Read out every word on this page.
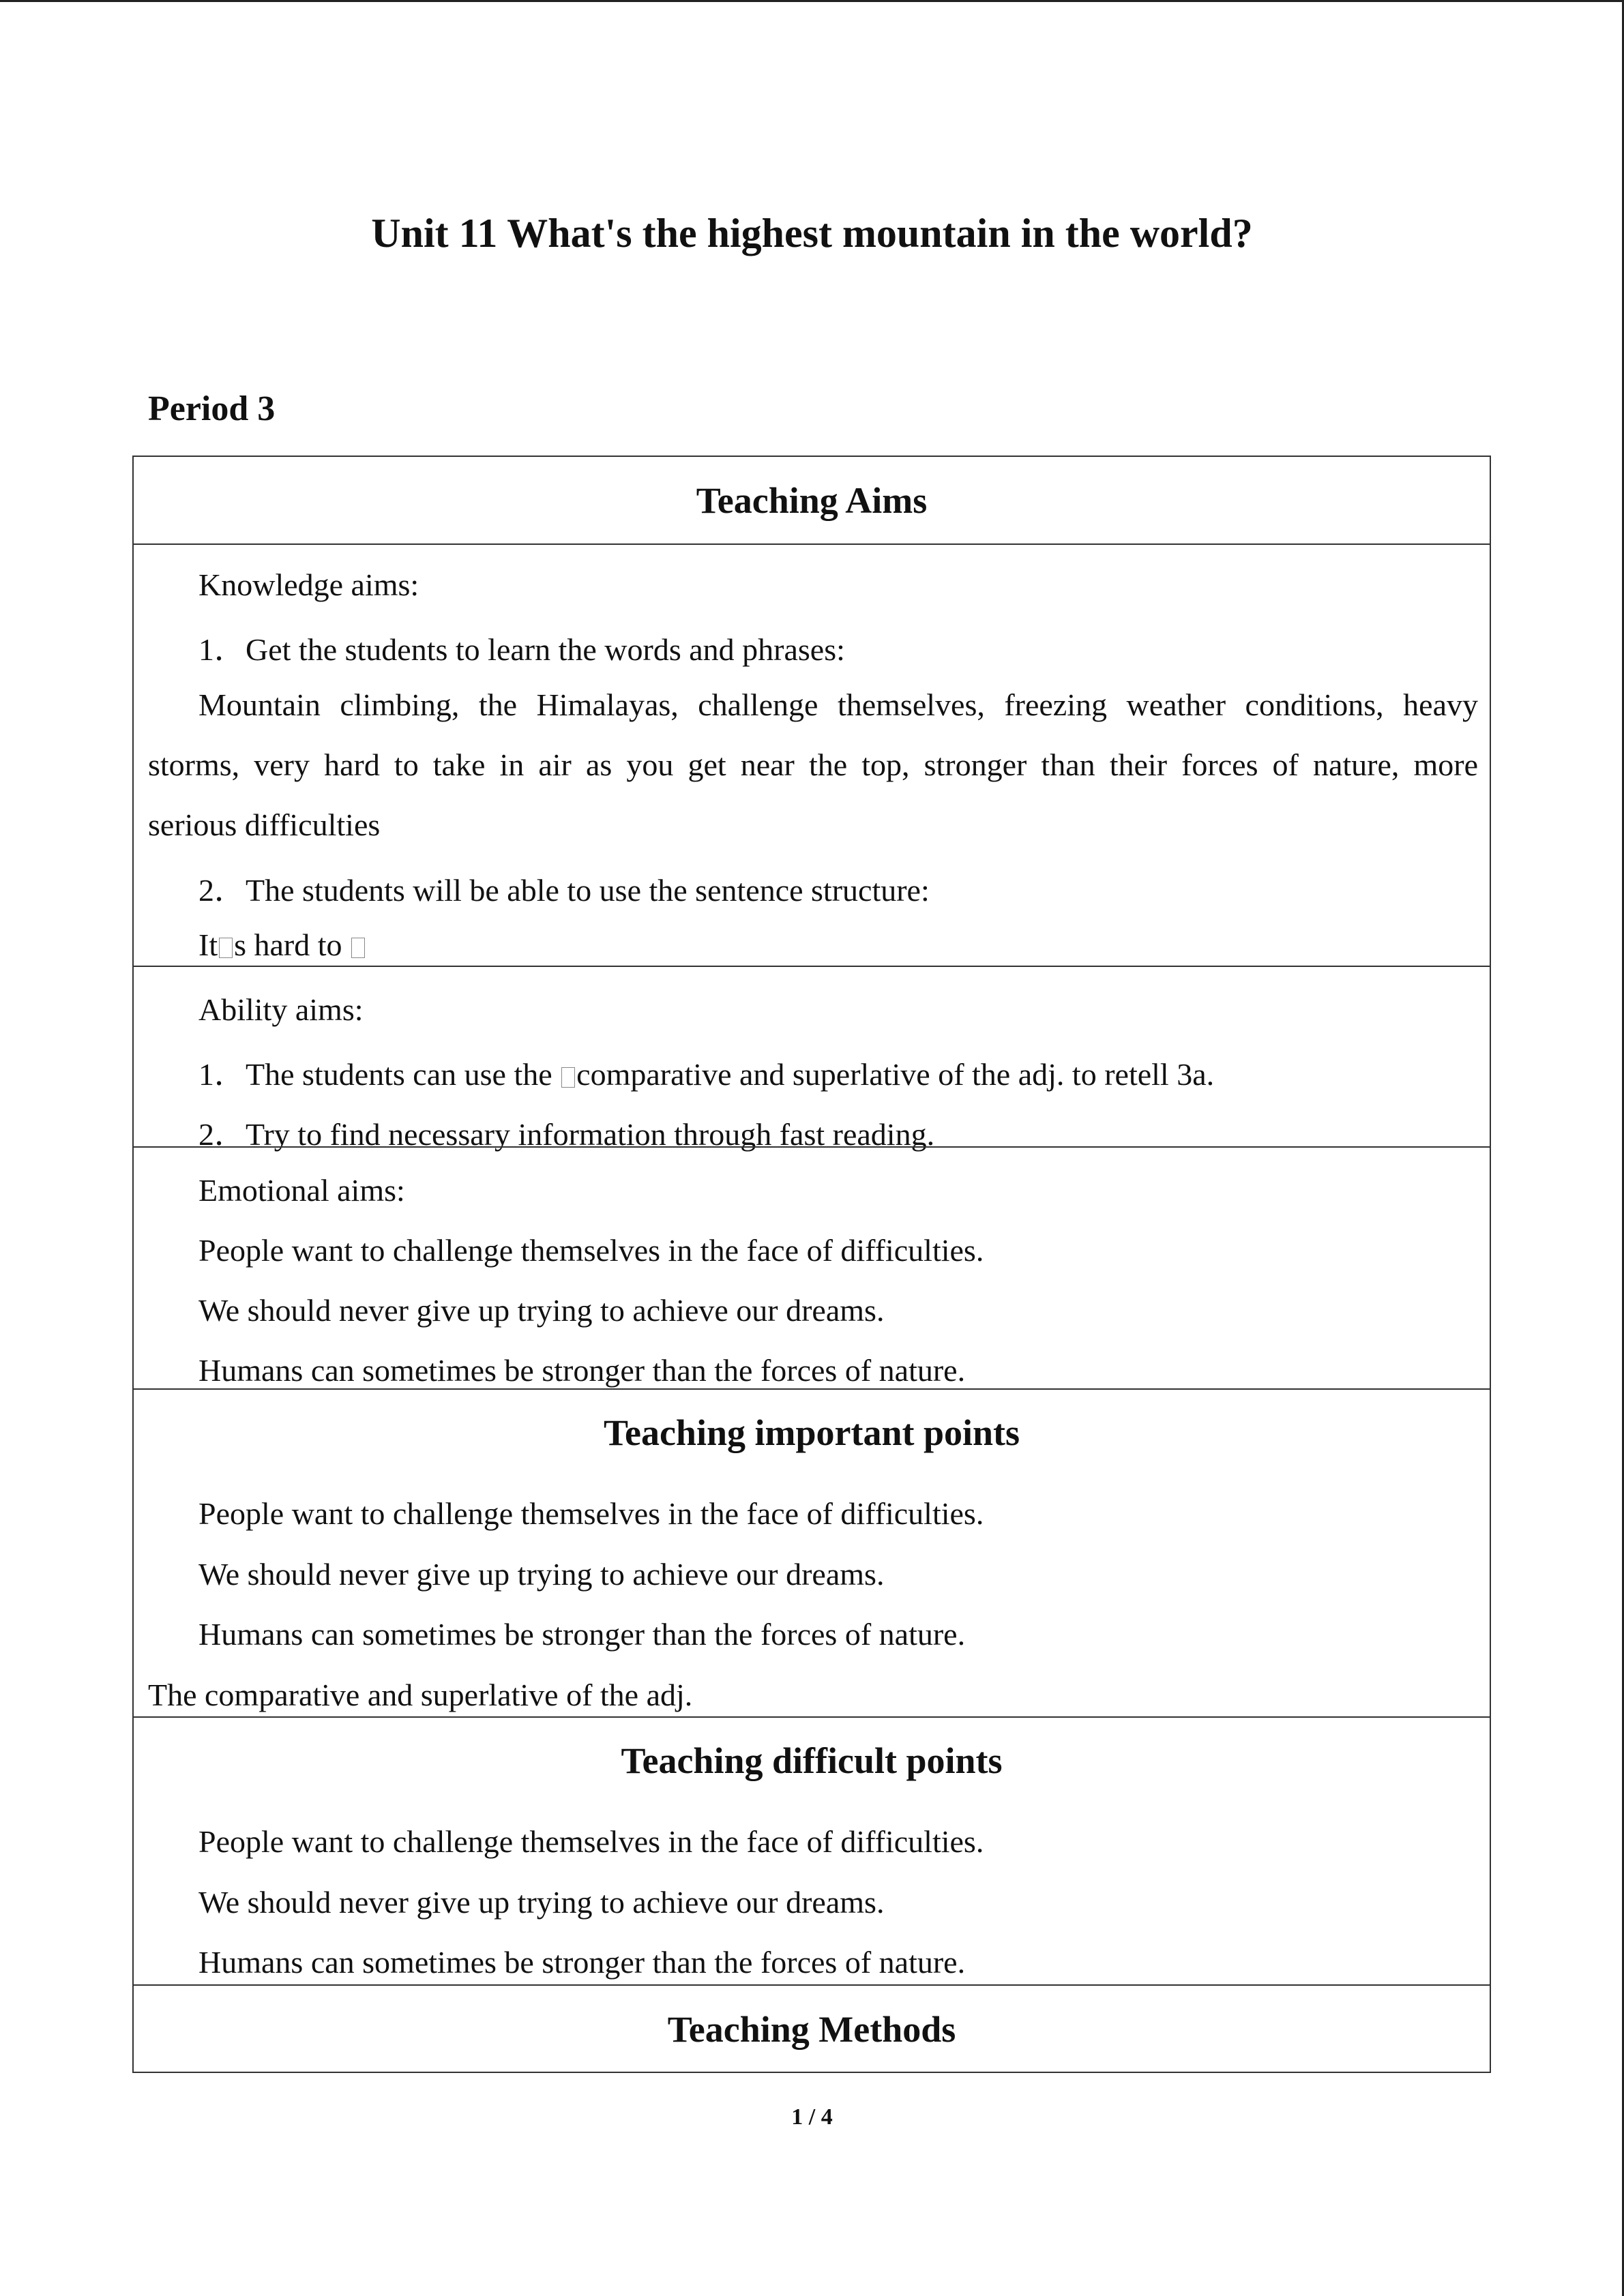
Unit 11 What's the highest mountain in the world?
Period 3
Teaching Aims
Knowledge aims:
1．Get the students to learn the words and phrases:
Mountain climbing, the Himalayas, challenge themselves, freezing weather conditions, heavy
storms, very hard to take in air as you get near the top, stronger than their forces of nature, more
serious difficulties
2．The students will be able to use the sentence structure:
It s hard to
Ability aims:
1．The students can use the comparative and superlative of the adj. to retell 3a.
2．Try to find necessary information through fast reading.
Emotional aims:
People want to challenge themselves in the face of difficulties.
We should never give up trying to achieve our dreams.
Humans can sometimes be stronger than the forces of nature.
Teaching important points
People want to challenge themselves in the face of difficulties.
We should never give up trying to achieve our dreams.
Humans can sometimes be stronger than the forces of nature.
The comparative and superlative of the adj.
Teaching difficult points
People want to challenge themselves in the face of difficulties.
We should never give up trying to achieve our dreams.
Humans can sometimes be stronger than the forces of nature.
Teaching Methods
1 / 4
